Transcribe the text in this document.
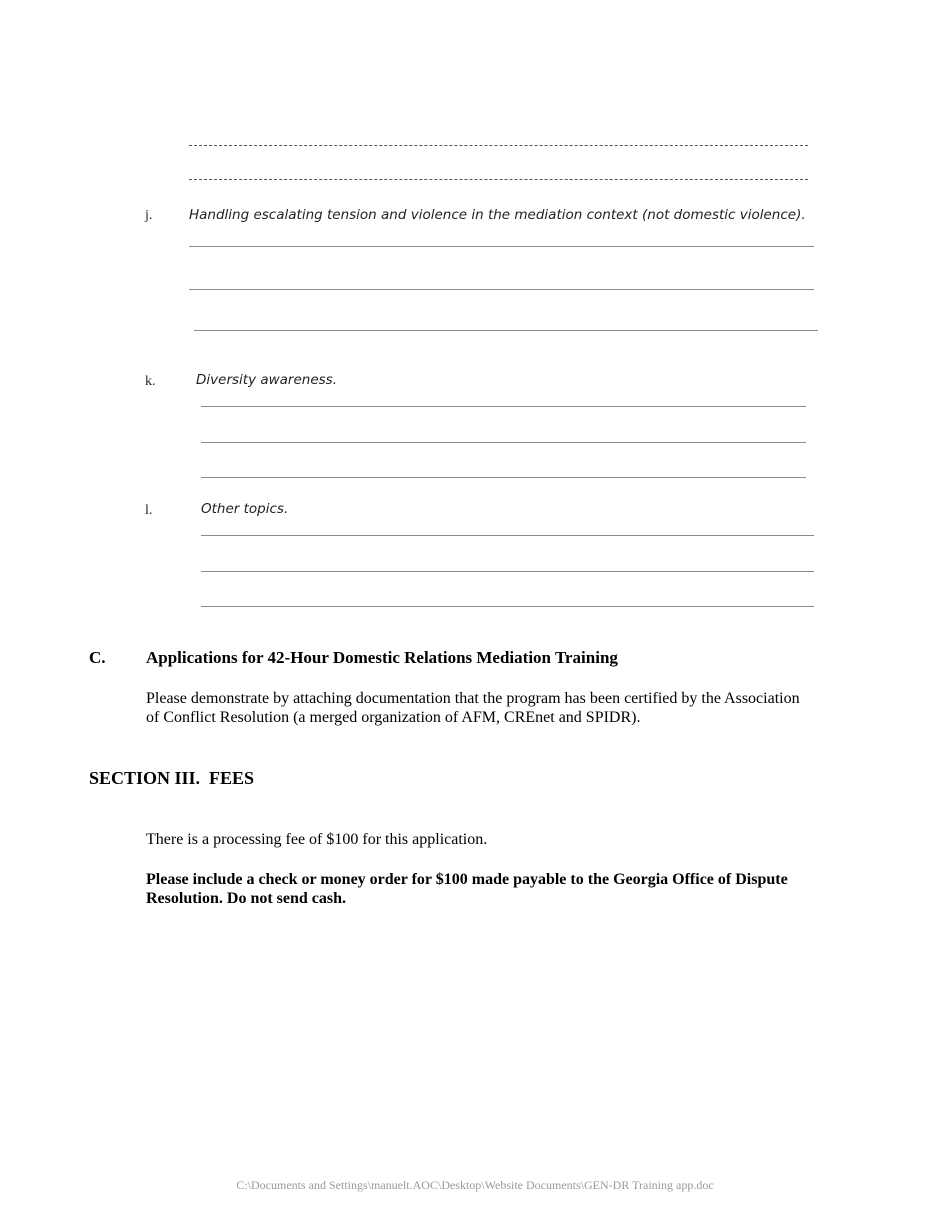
j.	Handling escalating tension and violence in the mediation context (not domestic violence).
k.	Diversity awareness.
l.	Other topics.
C. Applications for 42-Hour Domestic Relations Mediation Training
Please demonstrate by attaching documentation that the program has been certified by the Association
of Conflict Resolution (a merged organization of AFM, CREnet and SPIDR).
SECTION III.  FEES
There is a processing fee of $100 for this application.
Please include a check or money order for $100 made payable to the Georgia Office of Dispute
Resolution. Do not send cash.
C:\Documents and Settings\manuelt.AOC\Desktop\Website Documents\GEN-DR Training app.doc
